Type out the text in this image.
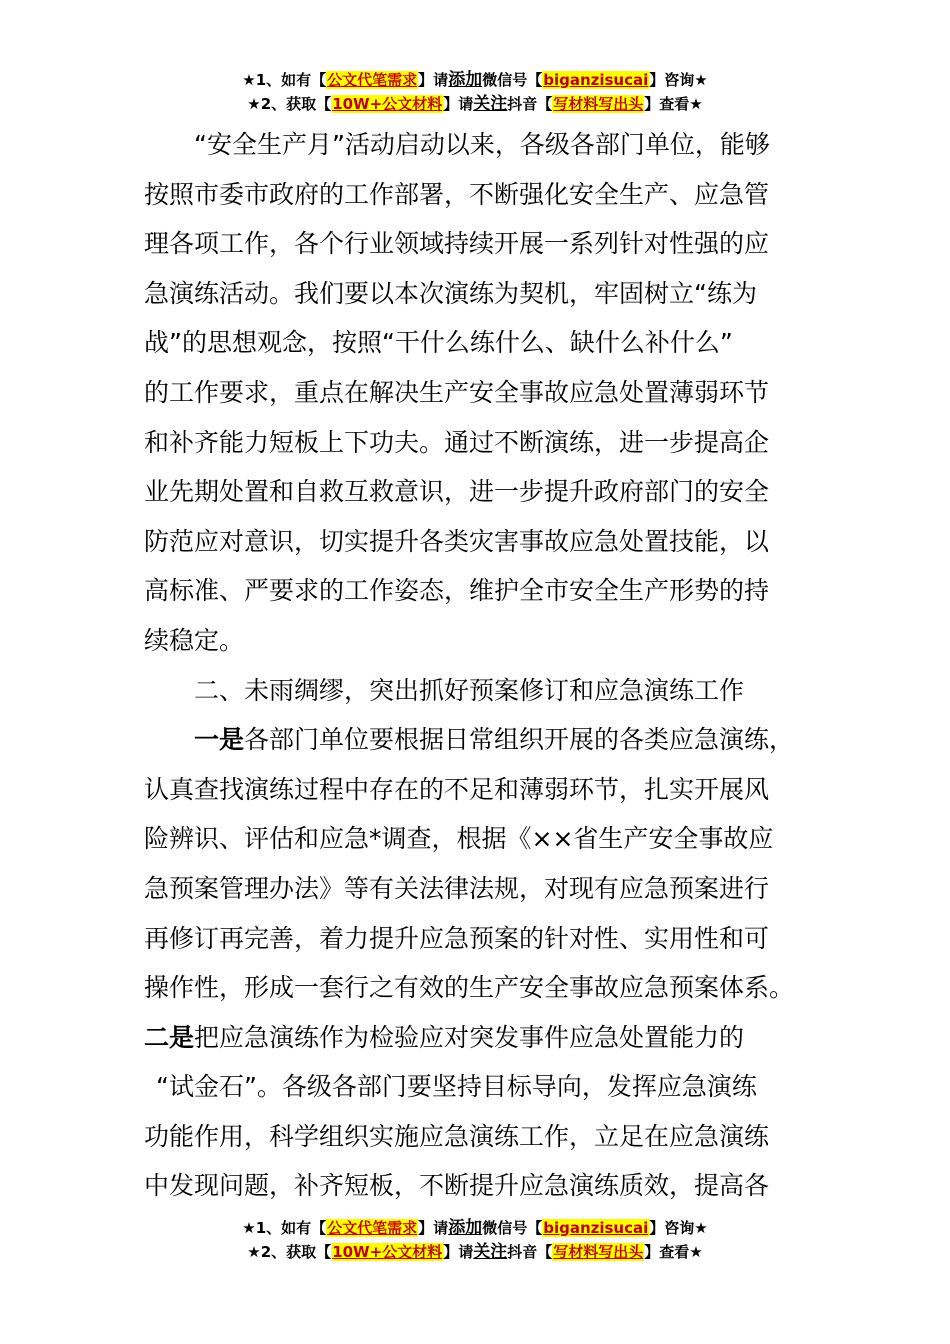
★1、如有【公文代笔需求】请添加微信号【biganzisucai】咨询★
★2、获取【10W+公文材料】请关注抖音【写材料写出头】查看★
“安全生产月”活动启动以来，各级各部门单位，能够
按照市委市政府的工作部署，不断强化安全生产、应急管
理各项工作，各个行业领域持续开展一系列针对性强的应
急演练活动。我们要以本次演练为契机，牢固树立“练为
战”的思想观念，按照“干什么练什么、缺什么补什么”
的工作要求，重点在解决生产安全事故应急处置薄弱环节
和补齐能力短板上下功夫。通过不断演练，进一步提高企
业先期处置和自救互救意识，进一步提升政府部门的安全
防范应对意识，切实提升各类灾害事故应急处置技能，以
高标准、严要求的工作姿态，维护全市安全生产形势的持
续稳定。
二、未雨绸缪，突出抓好预案修订和应急演练工作
一是各部门单位要根据日常组织开展的各类应急演练，
认真查找演练过程中存在的不足和薄弱环节，扎实开展风
险辨识、评估和应急*调查，根据《××省生产安全事故应
急预案管理办法》等有关法律法规，对现有应急预案进行
再修订再完善，着力提升应急预案的针对性、实用性和可
操作性，形成一套行之有效的生产安全事故应急预案体系。
二是把应急演练作为检验应对突发事件应急处置能力的
“试金石”。各级各部门要坚持目标导向，发挥应急演练
功能作用，科学组织实施应急演练工作，立足在应急演练
中发现问题，补齐短板，不断提升应急演练质效，提高各
★1、如有【公文代笔需求】请添加微信号【biganzisucai】咨询★
★2、获取【10W+公文材料】请关注抖音【写材料写出头】查看★
